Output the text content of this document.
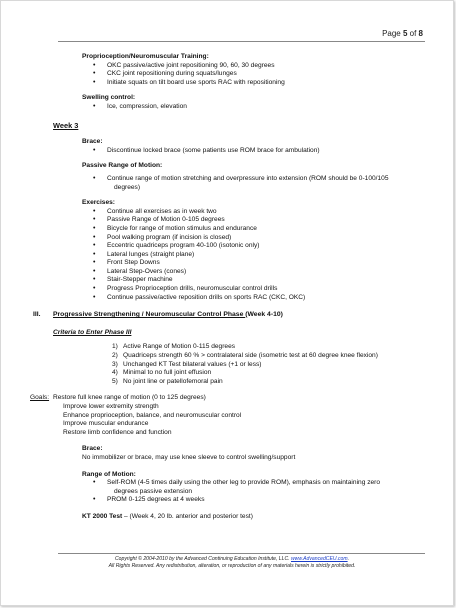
Page 5 of 8
Proprioception/Neuromuscular Training:
• OKC passive/active joint repositioning 90, 60, 30 degrees
• CKC joint repositioning during squats/lunges
• Initiate squats on tilt board use sports RAC with repositioning
Swelling control:
• Ice, compression, elevation
Week 3
Brace:
• Discontinue locked brace (some patients use ROM brace for ambulation)
Passive Range of Motion:
• Continue range of motion stretching and overpressure into extension (ROM should be 0-100/105
degrees)
Exercises:
• Continue all exercises as in week two
• Passive Range of Motion 0-105 degrees
• Bicycle for range of motion stimulus and endurance
• Pool walking program (if incision is closed)
• Eccentric quadriceps program 40-100 (isotonic only)
• Lateral lunges (straight plane)
• Front Step Downs
• Lateral Step-Overs (cones)
• Stair-Stepper machine
• Progress Proprioception drills, neuromuscular control drills
• Continue passive/active reposition drills on sports RAC (CKC, OKC)
III. Progressive Strengthening / Neuromuscular Control Phase (Week 4-10)
Criteria to Enter Phase III
1) Active Range of Motion 0-115 degrees
2) Quadriceps strength 60 % > contralateral side (isometric test at 60 degree knee flexion)
3) Unchanged KT Test bilateral values (+1 or less)
4) Minimal to no full joint effusion
5) No joint line or patellofemoral pain
Goals: Restore full knee range of motion (0 to 125 degrees)
Improve lower extremity strength
Enhance proprioception, balance, and neuromuscular control
Improve muscular endurance
Restore limb confidence and function
Brace:
No immobilizer or brace, may use knee sleeve to control swelling/support
Range of Motion:
• Self-ROM (4-5 times daily using the other leg to provide ROM), emphasis on maintaining zero
degrees passive extension
• PROM 0-125 degrees at 4 weeks
KT 2000 Test – (Week 4, 20 lb. anterior and posterior test)
Copyright © 2004-2010 by the Advanced Continuing Education Institute, LLC. www.AdvancedCEU.com.
All Rights Reserved. Any redistribution, alteration, or reproduction of any materials herein is strictly prohibited.
